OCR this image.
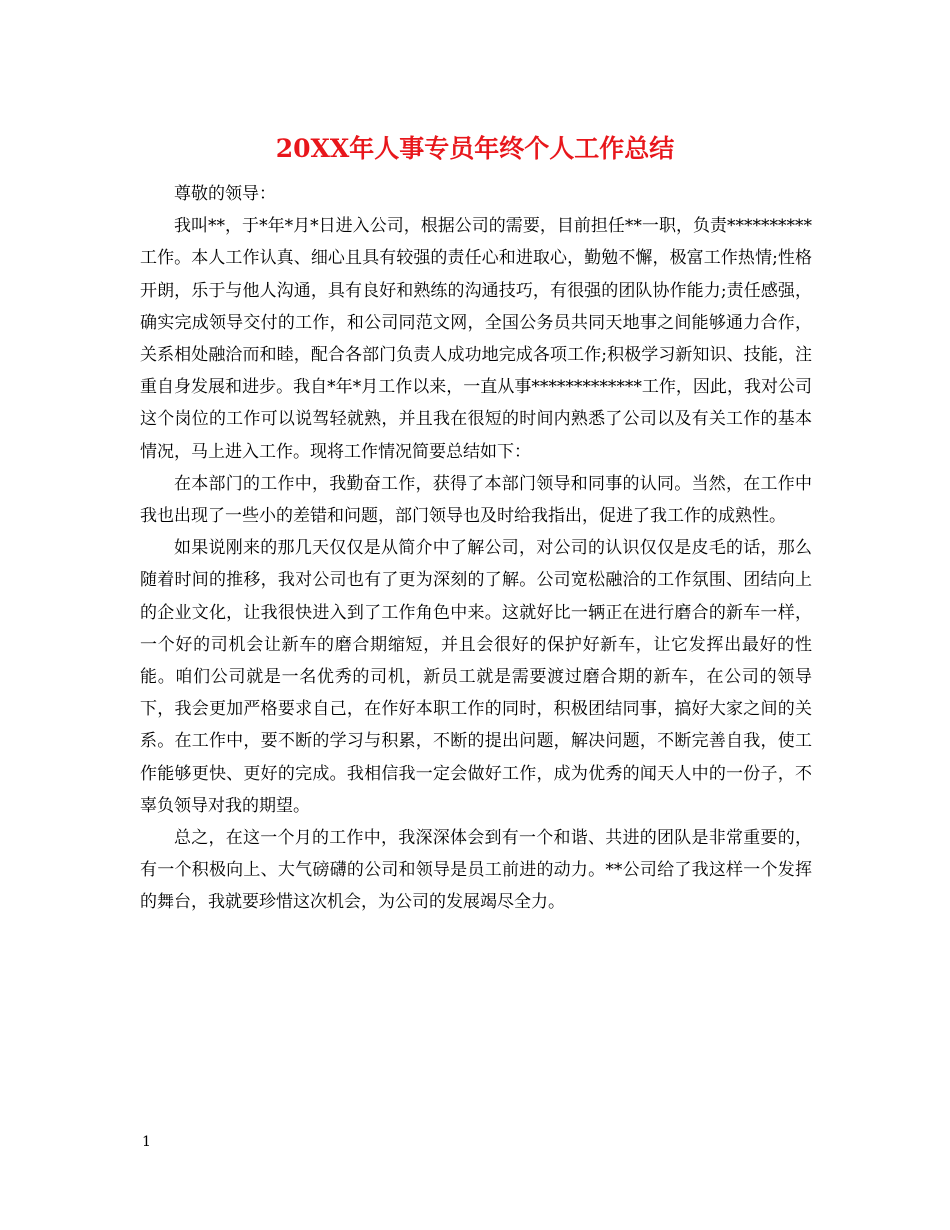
20XX年人事专员年终个人工作总结

尊敬的领导：

我叫**，于*年*月*日进入公司，根据公司的需要，目前担任**一职，负责**********工作。本人工作认真、细心且具有较强的责任心和进取心，勤勉不懈，极富工作热情;性格开朗，乐于与他人沟通，具有良好和熟练的沟通技巧，有很强的团队协作能力;责任感强，确实完成领导交付的工作，和公司同范文网，全国公务员共同天地事之间能够通力合作，关系相处融洽而和睦，配合各部门负责人成功地完成各项工作;积极学习新知识、技能，注重自身发展和进步。我自*年*月工作以来，一直从事*************工作，因此，我对公司这个岗位的工作可以说驾轻就熟，并且我在很短的时间内熟悉了公司以及有关工作的基本情况，马上进入工作。现将工作情况简要总结如下：

在本部门的工作中，我勤奋工作，获得了本部门领导和同事的认同。当然，在工作中我也出现了一些小的差错和问题，部门领导也及时给我指出，促进了我工作的成熟性。

如果说刚来的那几天仅仅是从简介中了解公司，对公司的认识仅仅是皮毛的话，那么随着时间的推移，我对公司也有了更为深刻的了解。公司宽松融洽的工作氛围、团结向上的企业文化，让我很快进入到了工作角色中来。这就好比一辆正在进行磨合的新车一样，一个好的司机会让新车的磨合期缩短，并且会很好的保护好新车，让它发挥出最好的性能。咱们公司就是一名优秀的司机，新员工就是需要渡过磨合期的新车，在公司的领导下，我会更加严格要求自己，在作好本职工作的同时，积极团结同事，搞好大家之间的关系。在工作中，要不断的学习与积累，不断的提出问题，解决问题，不断完善自我，使工作能够更快、更好的完成。我相信我一定会做好工作，成为优秀的闻天人中的一份子，不辜负领导对我的期望。

总之，在这一个月的工作中，我深深体会到有一个和谐、共进的团队是非常重要的，有一个积极向上、大气磅礴的公司和领导是员工前进的动力。**公司给了我这样一个发挥的舞台，我就要珍惜这次机会，为公司的发展竭尽全力。

1
